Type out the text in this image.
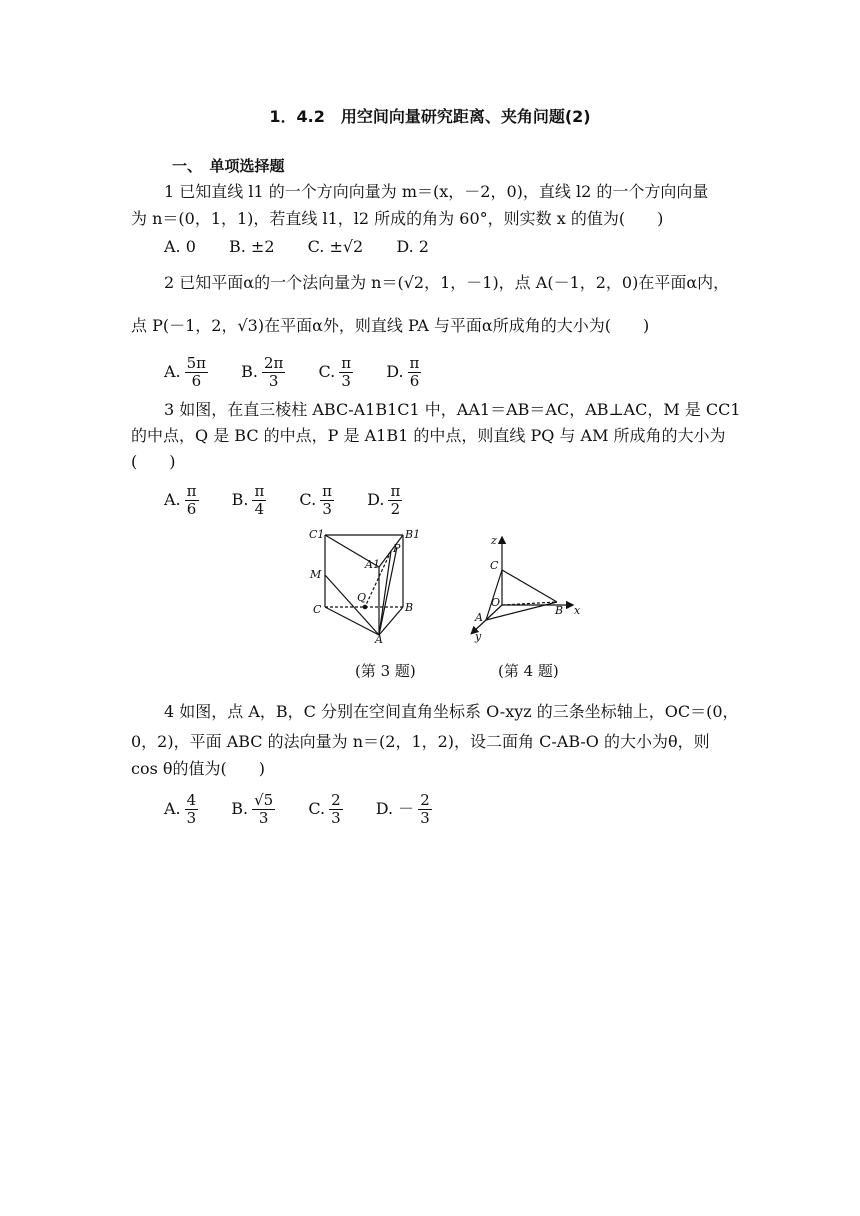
1．4.2　用空间向量研究距离、夹角问题(2)
一、　单项选择题
1 已知直线 l1 的一个方向向量为 m＝(x，－2，0)，直线 l2 的一个方向向量
为 n＝(0，1，1)，若直线 l1，l2 所成的角为 60°，则实数 x 的值为(　　)
A. 0 B. ±2 C. ±√2 D. 2
2 已知平面α的一个法向量为 n＝(√2，1，－1)，点 A(－1，2，0)在平面α内，
点 P(－1，2，√3)在平面α外，则直线 PA 与平面α所成角的大小为(　　)
A. $\frac{5\pi}{6} B$. $\frac{2\pi}{3} C$. $\frac{\pi}{3} D$. $\frac{\pi}{6}$
3 如图，在直三棱柱 ABC-A1B1C1 中，AA1＝AB＝AC，AB⊥AC，M 是 CC1
的中点，Q 是 BC 的中点，P 是 A1B1 的中点，则直线 PQ 与 AM 所成角的大小为
(　　)
A. $\frac{\pi}{6} B$. $\frac{\pi}{4} C$. $\frac{\pi}{3} D$. $\frac{\pi}{2}$
C1	B1
P
A1
M
Q
C	B
A
z
C
O
A
B x
y
(第 3 题)	(第 4 题)
4 如图，点 A，B，C 分别在空间直角坐标系 O-xyz 的三条坐标轴上，OC＝(0，
0，2)，平面 ABC 的法向量为 n＝(2，1，2)，设二面角 C-AB-O 的大小为θ，则
cos θ的值为(　　)
A. $\frac{4}{3} B$. $\frac{√5}{3} C$. $\frac{2}{3} D$. － $\frac{2}{3}$
